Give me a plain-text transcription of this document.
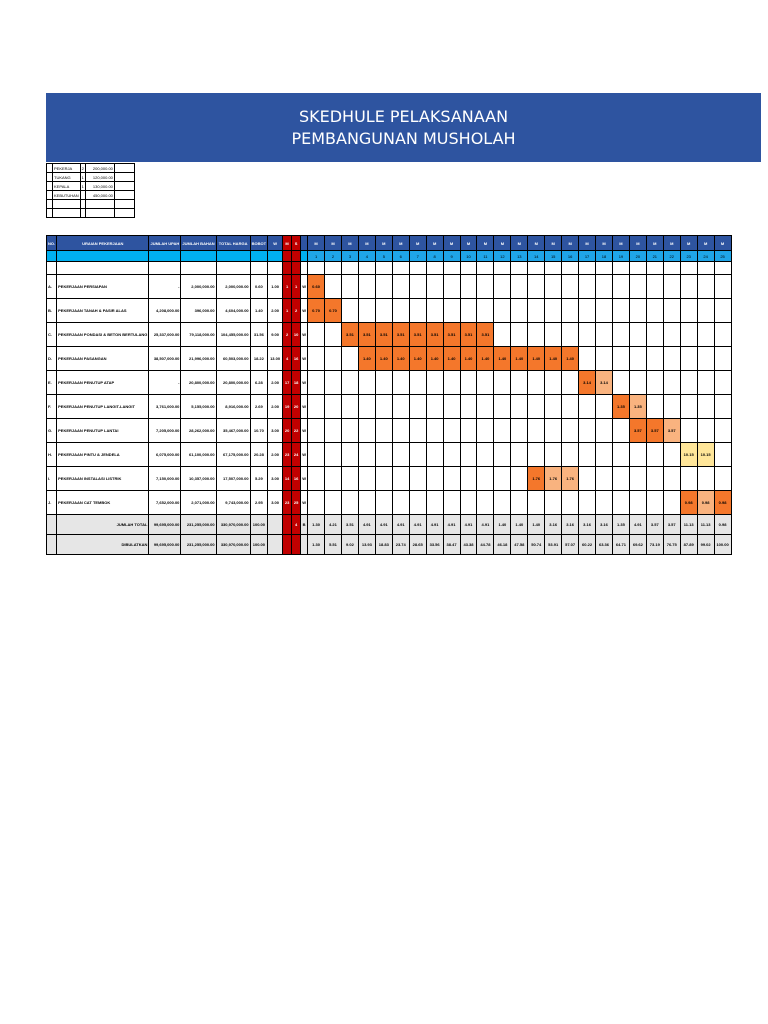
SKEDHULE PELAKSANAAN
PEMBANGUNAN MUSHOLAH
	PEKERJA	2	200,000.00	
	TUKANG	1	120,000.00	
	KEPALA	1	130,000.00	
	KEBUTUHAN		450,000.00	

NO.	URAIAN PEKERJAAN	JUMLAH UPAH	JUMLAH BAHAN	TOTAL HARGA	BOBOT	W	M	S		M	M	M	M	M	M	M	M	M	M	M	M	M	M	M	M	M	M	M	M	M	M	M	M	M
										1	2	3	4	5	6	7	8	9	10	11	12	13	14	15	16	17	18	19	20	21	22	23	24	25

A.	PEKERJAAN PERSIAPAN	-	2,000,000.00	2,000,000.00	0.60	1.00	1	1	W	0.60																								
B.	PEKERJAAN TANAH & PASIR ALAS	4,208,000.00	396,000.00	4,604,000.00	1.40	2.00	1	2	W	0.70	0.70																							
C.	PEKERJAAN PONDASI & BETON BERTULANG	25,337,000.00	79,118,000.00	104,455,000.00	31.56	9.00	2	10	W			3.51	3.51	3.51	3.51	3.51	3.51	3.51	3.51	3.51														
D.	PEKERJAAN PASANGAN	38,507,000.00	21,996,000.00	60,503,000.00	18.22	13.00	4	16	W				1.40	1.40	1.40	1.40	1.40	1.40	1.40	1.40	1.40	1.40	1.40	1.40	1.40									
E.	PEKERJAAN PENUTUP ATAP	-	20,800,000.00	20,800,000.00	6.28	2.00	17	18	W																	3.14	3.14							
F.	PEKERJAAN PENUTUP LANGIT-LANGIT	3,761,000.00	5,155,000.00	8,916,000.00	2.69	2.00	19	20	W																			1.35	1.35					
G.	PEKERJAAN PENUTUP LANTAI	7,205,000.00	28,262,000.00	35,467,000.00	10.70	3.00	20	22	W																				3.57	3.57	3.57			
H.	PEKERJAAN PINTU & JENDELA	6,075,000.00	61,100,000.00	67,175,000.00	20.28	2.00	23	24	W																							10.15	10.15	
I.	PEKERJAAN INSTALASI LISTRIK	7,150,000.00	10,357,000.00	17,507,000.00	5.29	3.00	14	16	W														1.76	1.76	1.76									
J.	PEKERJAAN CAT TEMBOK	7,652,000.00	2,071,000.00	9,743,000.00	2.95	3.00	23	25	W																							0.98	0.98	0.98
	JUMLAH TOTAL	99,695,000.00	231,255,000.00	330,970,000.00	100.00			4	B	1.30	4.21	3.51	4.91	4.91	4.91	4.91	4.91	4.91	4.91	4.91	1.40	1.40	1.40	3.16	3.16	3.16	3.16	1.35	4.91	3.57	3.57	11.13	11.13	0.98
	DIBULATKAN	99,695,000.00	231,255,000.00	330,970,000.00	100.00					1.30	5.51	9.02	13.93	18.83	23.74	28.65	33.56	38.47	43.38	44.78	46.18	47.58	50.74	53.91	57.07	60.22	63.36	64.71	69.62	73.19	76.75	87.89	99.02	100.00
